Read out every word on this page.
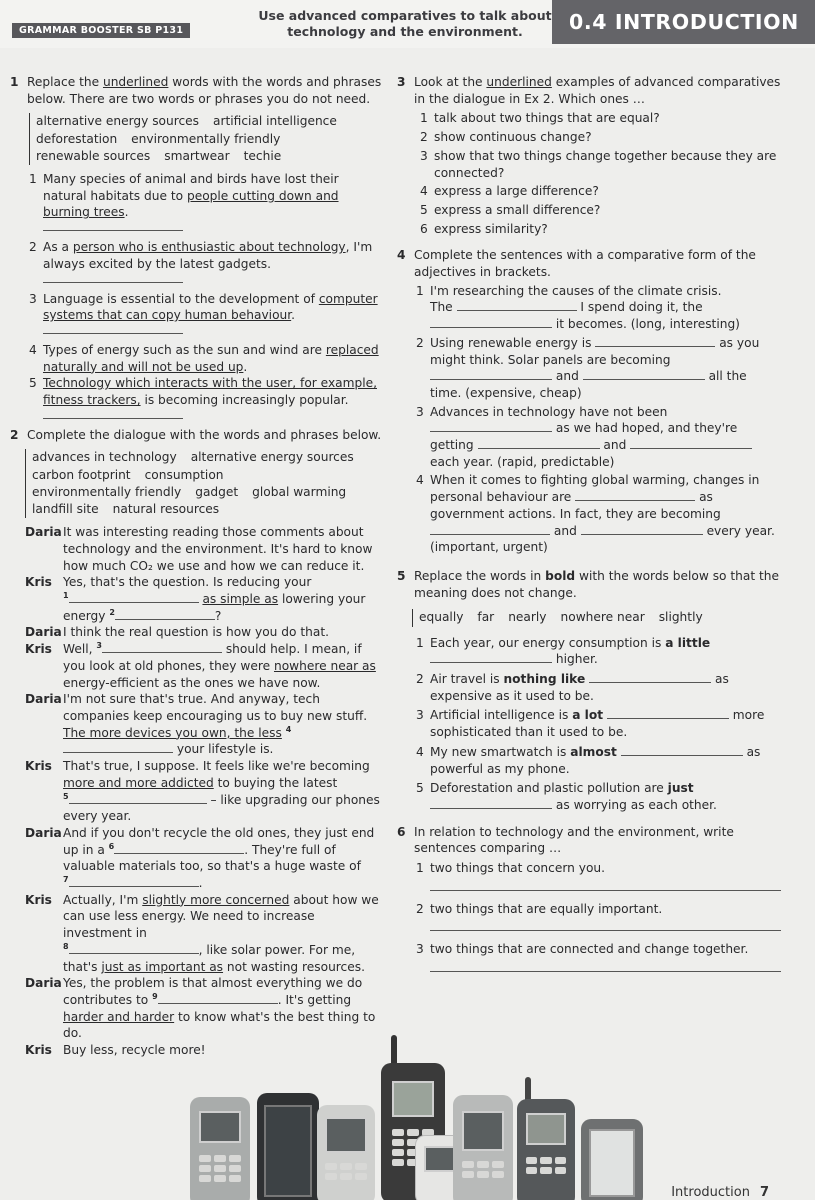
GRAMMAR BOOSTER SB P131
Use advanced comparatives to talk about technology and the environment.	0.4 INTRODUCTION
1 Replace the underlined words with the words and phrases below. There are two words or phrases you do not need.
alternative energy sources artificial intelligence
deforestation environmentally friendly
renewable sources smartwear techie
1 Many species of animal and birds have lost their natural habitats due to people cutting down and burning trees.
2 As a person who is enthusiastic about technology, I'm always excited by the latest gadgets.
3 Language is essential to the development of computer systems that can copy human behaviour.
4 Types of energy such as the sun and wind are replaced naturally and will not be used up.
5 Technology which interacts with the user, for example, fitness trackers, is becoming increasingly popular.
2 Complete the dialogue with the words and phrases below.
advances in technology alternative energy sources
carbon footprint consumption
environmentally friendly gadget global warming
landfill site natural resources
Daria It was interesting reading those comments about technology and the environment. It's hard to know how much CO₂ we use and how we can reduce it.
Kris Yes, that's the question. Is reducing your
$^1$	as simple as lowering your energy $^2$	?
Daria I think the real question is how you do that.
Kris Well, $^3$	should help. I mean, if you look at old phones, they were nowhere near as energy-efficient as the ones we have now.
Daria I'm not sure that's true. And anyway, tech companies keep encouraging us to buy new stuff. The more devices you own, the less $^4$ your lifestyle is.
Kris That's true, I suppose. It feels like we're becoming more and more addicted to buying the latest
$^5$	– like upgrading our phones every year.
Daria And if you don't recycle the old ones, they just end up in a $^6$	. They're full of valuable materials too, so that's a huge waste of
$^7$	.
Kris Actually, I'm slightly more concerned about how we can use less energy. We need to increase investment in
$^8$	, like solar power. For me, that's just as important as not wasting resources.
Daria Yes, the problem is that almost everything we do contributes to $^9$	. It's getting harder and harder to know what's the best thing to do.
Kris Buy less, recycle more!
3 Look at the underlined examples of advanced comparatives in the dialogue in Ex 2. Which ones …
1 talk about two things that are equal?
2 show continuous change?
3 show that two things change together because they are connected?
4 express a large difference?
5 express a small difference?
6 express similarity?
4 Complete the sentences with a comparative form of the adjectives in brackets.
1 I'm researching the causes of the climate crisis.
The	I spend doing it, the
it becomes. (long, interesting)
2 Using renewable energy is	as you might think. Solar panels are becoming
and	all the time. (expensive, cheap)
3 Advances in technology have not been
as we had hoped, and they're getting	and  each year. (rapid, predictable)
4 When it comes to fighting global warming, changes in personal behaviour are	as government actions. In fact, they are becoming
and	every year. (important, urgent)
5 Replace the words in bold with the words below so that the meaning does not change.
equally far nearly nowhere near slightly
1 Each year, our energy consumption is a little
higher.
2 Air travel is nothing like	as expensive as it used to be.
3 Artificial intelligence is a lot	more sophisticated than it used to be.
4 My new smartwatch is almost	as powerful as my phone.
5 Deforestation and plastic pollution are just
as worrying as each other.
6 In relation to technology and the environment, write sentences comparing …
1 two things that concern you.
2 two things that are equally important.
3 two things that are connected and change together.
Introduction 7
